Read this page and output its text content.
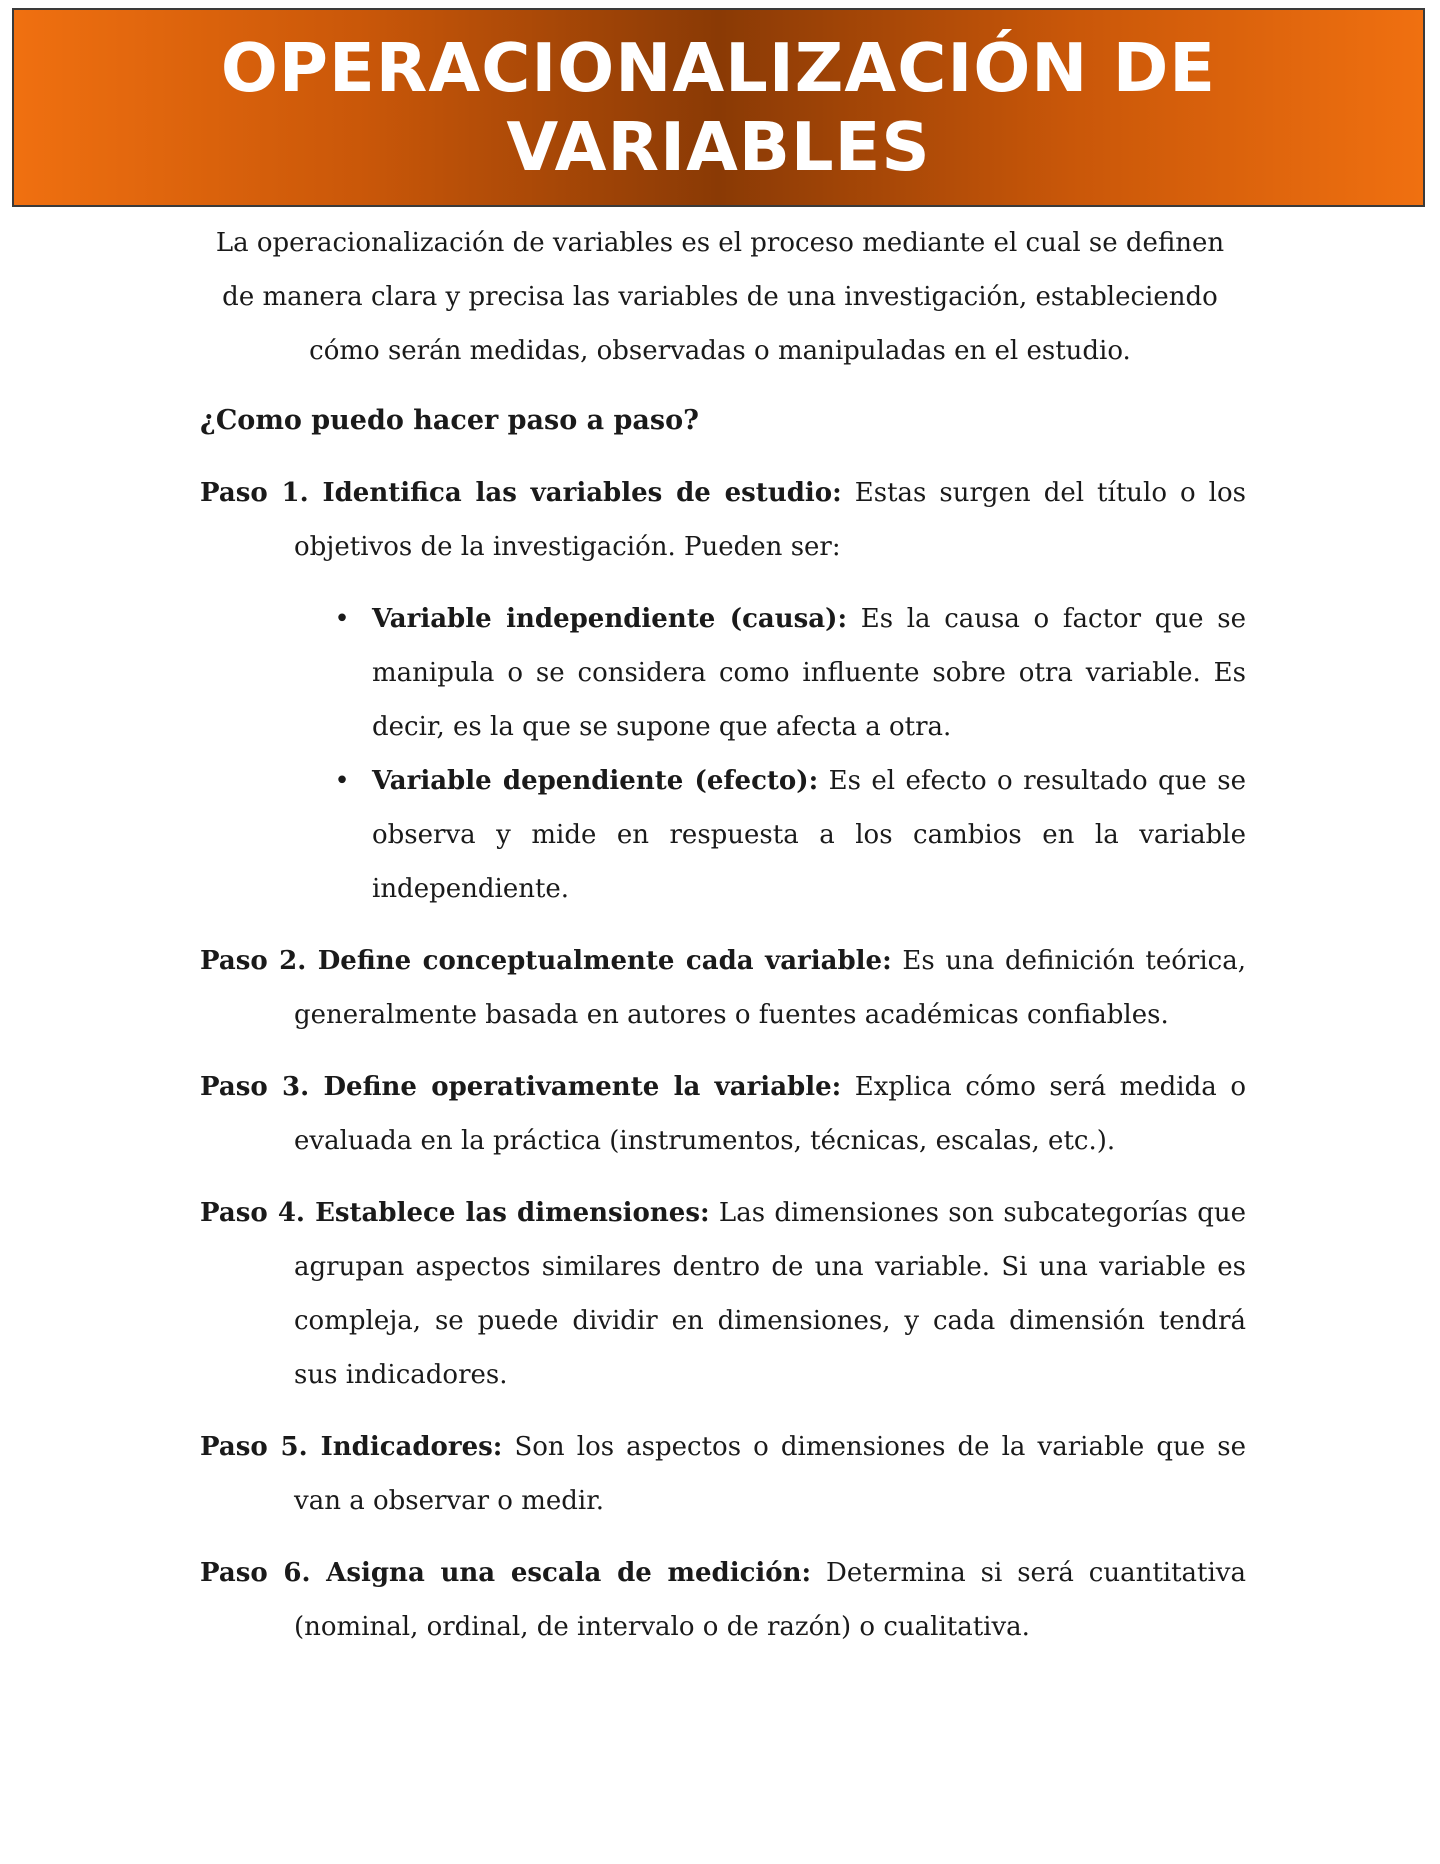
OPERACIONALIZACIÓN DE VARIABLES

La operacionalización de variables es el proceso mediante el cual se definen de manera clara y precisa las variables de una investigación, estableciendo cómo serán medidas, observadas o manipuladas en el estudio.

¿Como puedo hacer paso a paso?

Paso 1. Identifica las variables de estudio: Estas surgen del título o los objetivos de la investigación. Pueden ser:

• Variable independiente (causa): Es la causa o factor que se manipula o se considera como influente sobre otra variable. Es decir, es la que se supone que afecta a otra.
• Variable dependiente (efecto): Es el efecto o resultado que se observa y mide en respuesta a los cambios en la variable independiente.

Paso 2. Define conceptualmente cada variable: Es una definición teórica, generalmente basada en autores o fuentes académicas confiables.

Paso 3. Define operativamente la variable: Explica cómo será medida o evaluada en la práctica (instrumentos, técnicas, escalas, etc.).

Paso 4. Establece las dimensiones: Las dimensiones son subcategorías que agrupan aspectos similares dentro de una variable. Si una variable es compleja, se puede dividir en dimensiones, y cada dimensión tendrá sus indicadores.

Paso 5. Indicadores: Son los aspectos o dimensiones de la variable que se van a observar o medir.

Paso 6. Asigna una escala de medición: Determina si será cuantitativa (nominal, ordinal, de intervalo o de razón) o cualitativa.
